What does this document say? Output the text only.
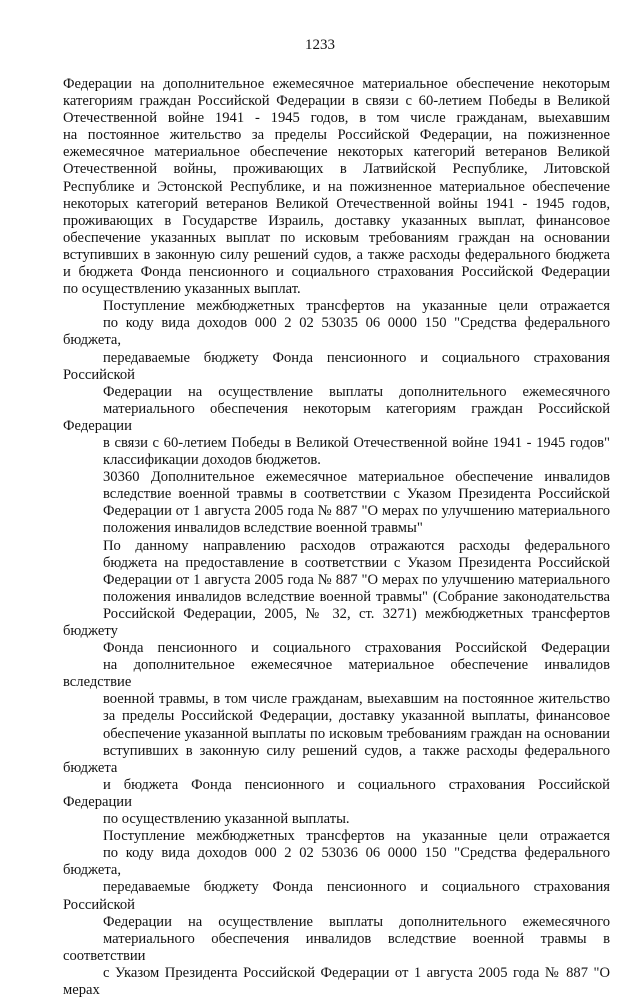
1233

Федерации на дополнительное ежемесячное материальное обеспечение некоторым
категориям граждан Российской Федерации в связи с 60-летием Победы в Великой
Отечественной войне 1941 - 1945 годов, в том числе гражданам, выехавшим
на постоянное жительство за пределы Российской Федерации, на пожизненное
ежемесячное материальное обеспечение некоторых категорий ветеранов Великой
Отечественной войны, проживающих в Латвийской Республике, Литовской
Республике и Эстонской Республике, и на пожизненное материальное обеспечение
некоторых категорий ветеранов Великой Отечественной войны 1941 - 1945 годов,
проживающих в Государстве Израиль, доставку указанных выплат, финансовое
обеспечение указанных выплат по исковым требованиям граждан на основании
вступивших в законную силу решений судов, а также расходы федерального бюджета
и бюджета Фонда пенсионного и социального страхования Российской Федерации
по осуществлению указанных выплат.

Поступление межбюджетных трансфертов на указанные цели отражается
по коду вида доходов 000 2 02 53035 06 0000 150 "Средства федерального бюджета,
передаваемые бюджету Фонда пенсионного и социального страхования Российской
Федерации на осуществление выплаты дополнительного ежемесячного
материального обеспечения некоторым категориям граждан Российской Федерации
в связи с 60-летием Победы в Великой Отечественной войне 1941 - 1945 годов"
классификации доходов бюджетов.

30360 Дополнительное ежемесячное материальное обеспечение инвалидов
вследствие военной травмы в соответствии с Указом Президента Российской
Федерации от 1 августа 2005 года № 887 "О мерах по улучшению материального
положения инвалидов вследствие военной травмы"

По данному направлению расходов отражаются расходы федерального
бюджета на предоставление в соответствии с Указом Президента Российской
Федерации от 1 августа 2005 года № 887 "О мерах по улучшению материального
положения инвалидов вследствие военной травмы" (Собрание законодательства
Российской Федерации, 2005, № 32, ст. 3271) межбюджетных трансфертов бюджету
Фонда пенсионного и социального страхования Российской Федерации
на дополнительное ежемесячное материальное обеспечение инвалидов вследствие
военной травмы, в том числе гражданам, выехавшим на постоянное жительство
за пределы Российской Федерации, доставку указанной выплаты, финансовое
обеспечение указанной выплаты по исковым требованиям граждан на основании
вступивших в законную силу решений судов, а также расходы федерального бюджета
и бюджета Фонда пенсионного и социального страхования Российской Федерации
по осуществлению указанной выплаты.

Поступление межбюджетных трансфертов на указанные цели отражается
по коду вида доходов 000 2 02 53036 06 0000 150 "Средства федерального бюджета,
передаваемые бюджету Фонда пенсионного и социального страхования Российской
Федерации на осуществление выплаты дополнительного ежемесячного
материального обеспечения инвалидов вследствие военной травмы в соответствии
с Указом Президента Российской Федерации от 1 августа 2005 года № 887 "О мерах
